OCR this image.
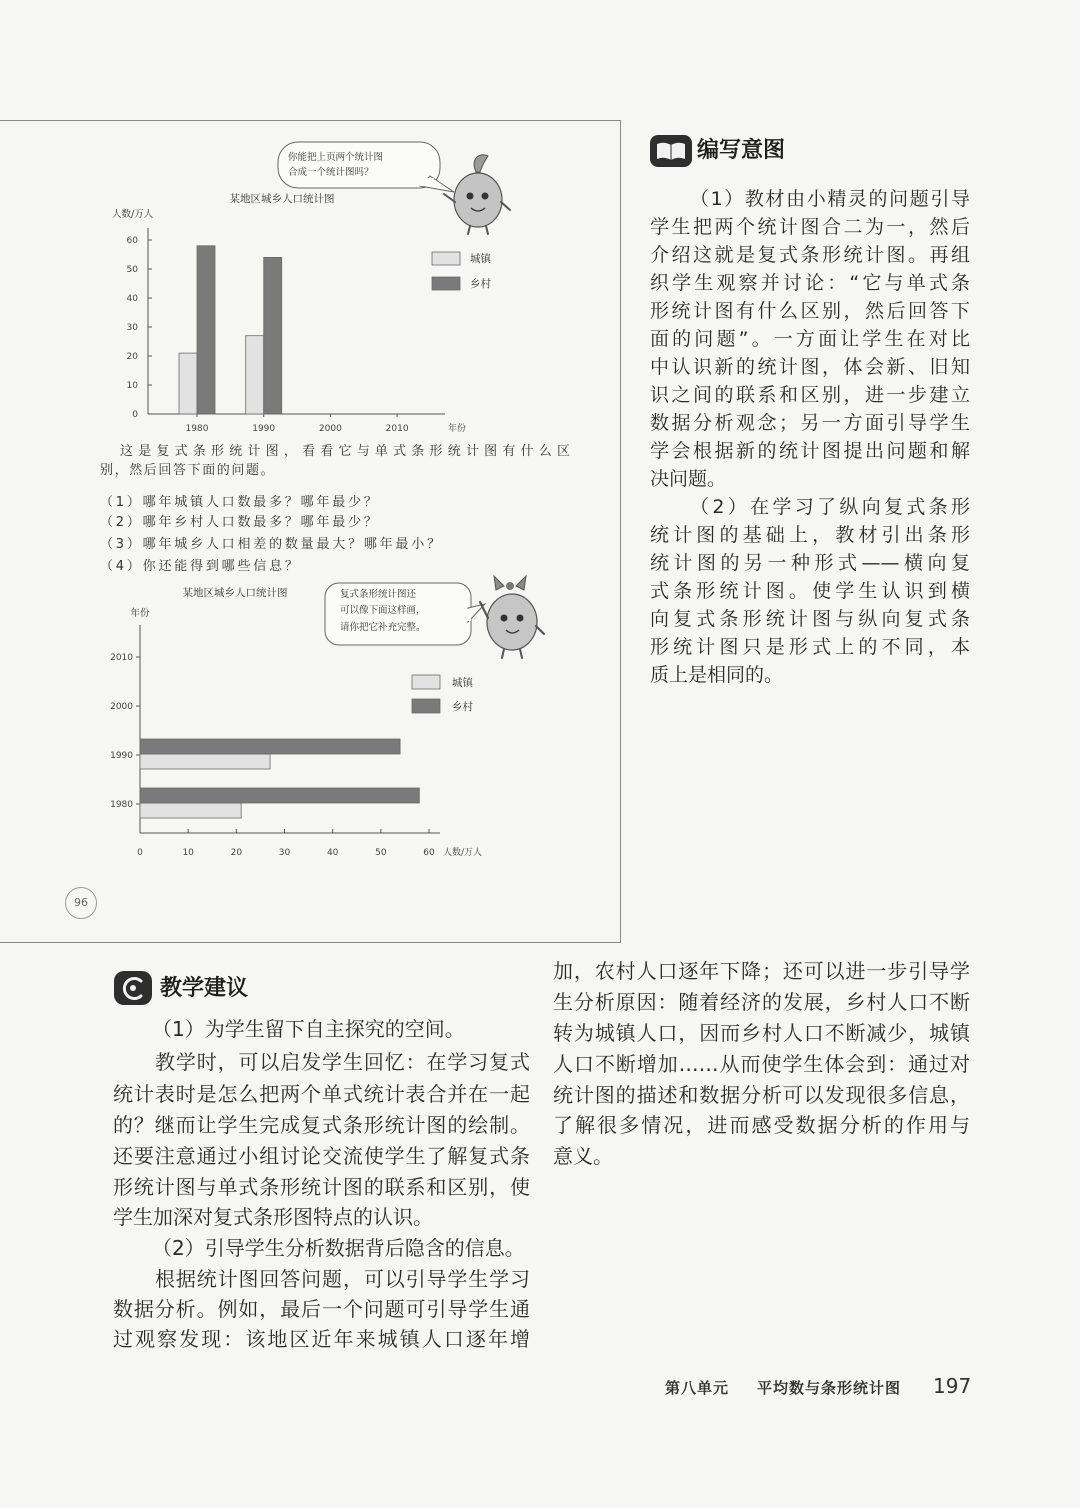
你能把上页两个统计图
合成一个统计图吗？
某地区城乡人口统计图
人数/万人
0
10
20
30
40
50
60
1980	1990	2000	2010	年份
城镇
乡村
这是复式条形统计图，看看它与单式条形统计图有什么区
别，然后回答下面的问题。
（1）哪年城镇人口数最多？哪年最少？
（2）哪年乡村人口数最多？哪年最少？
（3）哪年城乡人口相差的数量最大？哪年最小？
（4）你还能得到哪些信息？
复式条形统计图还
可以像下面这样画，
请你把它补充完整。
某地区城乡人口统计图
年份
0	10	20	30	40	50	60 人数/万人
1980
1990
2000
2010
城镇
乡村
96
编写意图
（1）教材由小精灵的问题引导
学生把两个统计图合二为一，然后
介绍这就是复式条形统计图。再组
织学生观察并讨论：“它与单式条
形统计图有什么区别，然后回答下
面的问题”。一方面让学生在对比
中认识新的统计图，体会新、旧知
识之间的联系和区别，进一步建立
数据分析观念；另一方面引导学生
学会根据新的统计图提出问题和解
决问题。
（2）在学习了纵向复式条形
统计图的基础上，教材引出条形
统计图的另一种形式——横向复
式条形统计图。使学生认识到横
向复式条形统计图与纵向复式条
形统计图只是形式上的不同，本
质上是相同的。
教学建议
（1）为学生留下自主探究的空间。
教学时，可以启发学生回忆：在学习复式
统计表时是怎么把两个单式统计表合并在一起
的？继而让学生完成复式条形统计图的绘制。
还要注意通过小组讨论交流使学生了解复式条
形统计图与单式条形统计图的联系和区别，使
学生加深对复式条形图特点的认识。
（2）引导学生分析数据背后隐含的信息。
根据统计图回答问题，可以引导学生学习
数据分析。例如，最后一个问题可引导学生通
过观察发现：该地区近年来城镇人口逐年增
加，农村人口逐年下降；还可以进一步引导学
生分析原因：随着经济的发展，乡村人口不断
转为城镇人口，因而乡村人口不断减少，城镇
人口不断增加……从而使学生体会到：通过对
统计图的描述和数据分析可以发现很多信息，
了解很多情况，进而感受数据分析的作用与
意义。
第八单元 平均数与条形统计图 197
